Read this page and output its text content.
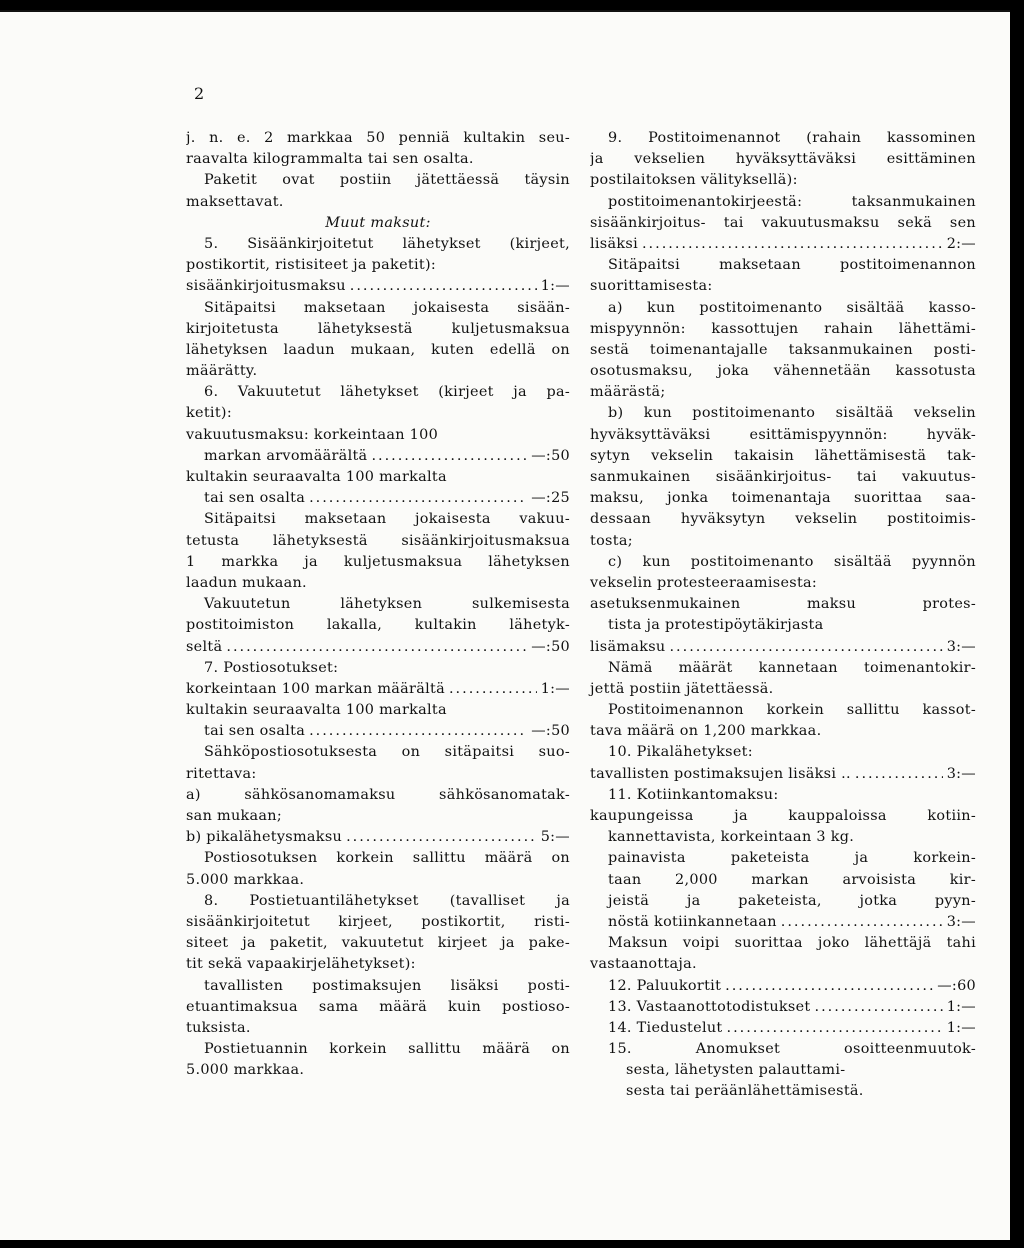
2
j. n. e. 2 markkaa 50 penniä kultakin seu-
raavalta kilogrammalta tai sen osalta.
Paketit ovat postiin jätettäessä täysin
maksettavat.
Muut maksut:
5. Sisäänkirjoitetut lähetykset (kirjeet,
postikortit, ristisiteet ja paketit):
sisäänkirjoitusmaksu .....	1:—
Sitäpaitsi maksetaan jokaisesta sisään-
kirjoitetusta lähetyksestä kuljetusmaksua
lähetyksen laadun mukaan, kuten edellä on
määrätty.
6. Vakuutetut lähetykset (kirjeet ja pa-
ketit):
vakuutusmaksu: korkeintaan 100
markan arvomäärältä .....	—:50
kultakin seuraavalta 100 markalta
tai sen osalta .....	—:25
Sitäpaitsi maksetaan jokaisesta vakuu-
tetusta lähetyksestä sisäänkirjoitusmaksua
1 markka ja kuljetusmaksua lähetyksen
laadun mukaan.
Vakuutetun lähetyksen sulkemisesta
postitoimiston lakalla, kultakin lähetyk-
seltä .....	—:50
7. Postiosotukset:
korkeintaan 100 markan määrältä .....	1:—
kultakin seuraavalta 100 markalta
tai sen osalta .....	—:50
Sähköpostiosotuksesta on sitäpaitsi suo-
ritettava:
a) sähkösanomamaksu sähkösanomatak-
san mukaan;
b) pikalähetysmaksu .....	5:—
Postiosotuksen korkein sallittu määrä on
5.000 markkaa.
8. Postietuantilähetykset (tavalliset ja
sisäänkirjoitetut kirjeet, postikortit, risti-
siteet ja paketit, vakuutetut kirjeet ja pake-
tit sekä vapaakirjelähetykset):
tavallisten postimaksujen lisäksi posti-
etuantimaksua sama määrä kuin postioso-
tuksista.
Postietuannin korkein sallittu määrä on
5.000 markkaa.
9. Postitoimenannot (rahain kassominen
ja vekselien hyväksyttäväksi esittäminen
postilaitoksen välityksellä):
postitoimenantokirjeestä: taksanmukainen
sisäänkirjoitus- tai vakuutusmaksu sekä sen
lisäksi .....	2:—
Sitäpaitsi maksetaan postitoimenannon
suorittamisesta:
a) kun postitoimenanto sisältää kasso-
mispyynnön: kassottujen rahain lähettämi-
sestä toimenantajalle taksanmukainen posti-
osotusmaksu, joka vähennetään kassotusta
määrästä;
b) kun postitoimenanto sisältää vekselin
hyväksyttäväksi esittämispyynnön: hyväk-
sytyn vekselin takaisin lähettämisestä tak-
sanmukainen sisäänkirjoitus- tai vakuutus-
maksu, jonka toimenantaja suorittaa saa-
dessaan hyväksytyn vekselin postitoimis-
tosta;
c) kun postitoimenanto sisältää pyynnön
vekselin protesteeraamisesta:
asetuksenmukainen maksu protes-
tista ja protestipöytäkirjasta
lisämaksu .....	3:—
Nämä määrät kannetaan toimenantokir-
jettä postiin jätettäessä.
Postitoimenannon korkein sallittu kassot-
tava määrä on 1,200 markkaa.
10. Pikalähetykset:
tavallisten postimaksujen lisäksi .. .....	3:—
11. Kotiinkantomaksu:
kaupungeissa ja kauppaloissa kotiin-
kannettavista, korkeintaan 3 kg.
painavista paketeista ja korkein-
taan 2,000 markan arvoisista kir-
jeistä ja paketeista, jotka pyyn-
nöstä kotiinkannetaan .....	3:—
Maksun voipi suorittaa joko lähettäjä tahi
vastaanottaja.
12. Paluukortit .....	—:60
13. Vastaanottotodistukset .....	1:—
14. Tiedustelut .....	1:—
15. Anomukset osoitteenmuutok-
sesta, lähetysten palauttami-
sesta tai peräänlähettämisestä.
